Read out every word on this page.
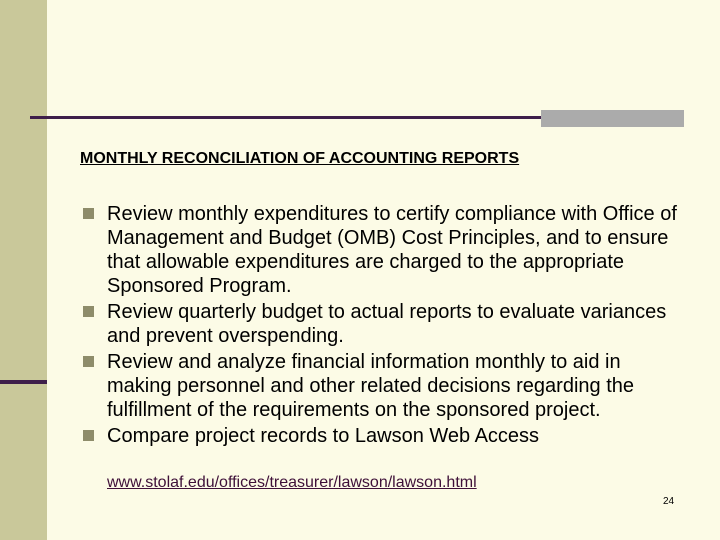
MONTHLY RECONCILIATION OF ACCOUNTING REPORTS
Review monthly expenditures to certify compliance with Office of Management and Budget (OMB) Cost Principles, and to ensure that allowable expenditures are charged to the appropriate Sponsored Program.
Review quarterly budget to actual reports to evaluate variances and prevent overspending.
Review and analyze financial information monthly to aid in making personnel and other related decisions regarding the fulfillment of the requirements on the sponsored project.
Compare project records to Lawson Web Access
www.stolaf.edu/offices/treasurer/lawson/lawson.html
24
